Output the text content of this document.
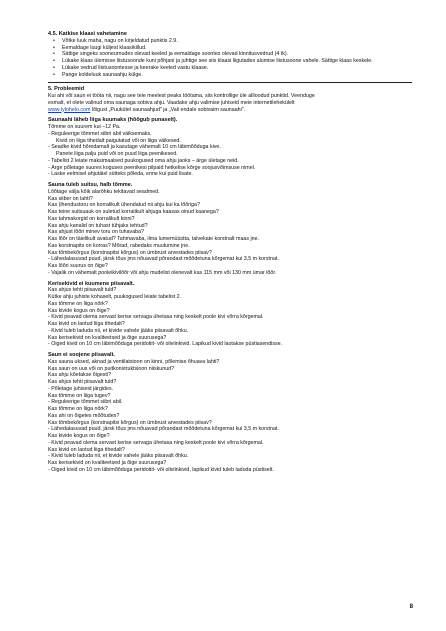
4.5. Katkise klaasi vahetamine
• Võtke luuk maha, nagu on kirjeldatud punktis 2.9.
• Eemaldage luugi küljest klaasikillud.
• Sättige singeks sooneurnudes olevad keeled ja eemaldage soontes olevad kinnitusvedrud (4 tk).
• Lükake klaas ülemisse liistusoonde kuni põhjani ja juhtige see siis klaasi liigutades alumise liistusoone vahele. Sättige klaas keskele.
• Lükake vedrud liistusoontesse ja keerake keeled vastu klaase.
• Pange koldeluuk saunaahju külge.
5. Probleemid
Kui ahi või saun ei tööta nii, nagu see teie meelest peaks töötama, siis kontrollige üle allloodud punktid. Veenduge
esmalt, et olete valinud oma saunaga sobiva ahju. Vaadake ahju valimise juhiseid meie internetilehekülelt
www.tylohelo.com lõigust „Puukütel saunaahjud" ja „Vali endale sobivaim saunaahi".
Saunaahi läheb liiga kuumaks (hõõgub punaselt).
Tõmme on suurem kui –12 Pa.
- Reguleerige tõmmet siibri abil väiksemaks.
Kivid on liiga tihedalt paigutatud või on liiga väikesed.
- Seadke kivid hõredamalt ja kasutage vähemalt 10 cm läbimõõduga kive.
Panete liiga palju puid või on puud liiga peenikesed.
- Tabelist 2 leiate maksimaalsed puukogused oma ahju jaoks – ärge ületage neid.
- Ärge põletage suures koguses peenikesi pilpaid hetkelise kõrge soojusvõimsuse nimel.
- Laske eelmisel ahjutäiel sütteks põleda, enne kui puid lisate.
Sauna tuleb suitsu, halb tõmme.
Lõõtage välja kõik alarõhku tekitavad seadmed.
Kas siiber on lahti?
Kas (ihendustoru on korralikult ühendatud nii ahju kui ka lõõriga?
Kas teine suitsuauk on suletud korralikult ahjuga kaasas oinud kaanega?
Kas tahmakorgid on korralikult kinni?
Kas ahju kanalid on tuhast tühjaks tehtud?
Kas ahjust lõõri minev toru on tuhavaba?
Kas lõõr on täielikult avatud? Tahmavaba, ilma lumemüüstta, talvekate korstnalt maas jne.
Kas korstnapits on korras? Mõrad, rabedaks muutumine jne.
Kas tõmbekõrgus (korstnapitsi kõrgus) on ümbrust arvestades piisav?
- Lähedalasuvad puud, järsk tõus jms nõuavad põrandast mõõdetuna kõrgemat kui 3,5 m korstnat.
Kas lõõri suurus on õige?
- Vajalik on vähemalt pooleikivilõõr või ahju mudelist olenevalt kas 115 mm või 130 mm ümar lõõr.
Kerisekivid ei kuumene piisavalt.
Kas ahjus tehti piisavalt tuld?
Kütke ahju juhiste kohaselt, puukogused leiate tabelist 2.
Kas tõmme on liiga nõrk?
Kas kivide kogus on õige?
- Kivid peavad olema servast kerise servaga ühetasa ning keskelt poole kivi võrra kõrgemal.
Kas kivid on laotud liiga tihedalt?
- Kivid tuleb laduda nii, et kivide vahele jääks piisavalt õhku.
Kas kerisekivid on kvaliteetsed ja õige suurusega?
- Õiged kivid on 10 cm läbimõõduga peridotiit- või oliviinkivid. Lapikud kivid laotakse püstiasendisse.
Saun ei soojene piisavalt.
Kas sauna uksed, aknad ja ventilatsioon on kinni, põlemise õhuava lahti?
Kas saun on uus või on puitkonstruktsioon niiskunud?
Kas ahju kõetakse õigesti?
Kas ahjus tehti piisavalt tuld?
- Põletage juhiseid järgides.
Kas tõmme on liiga tugev?
- Reguleerige tõmmet siibri abil.
Kas tõmme on liiga nõrk?
Kas ahi on õigetes mõõtudes?
Kas tõmbekõrgus (korstnapitsi kõrgus) on ümbrust arvestades piisav?
- Lähedalasuvad puud, järsk tõus jms nõuavad põrandast mõõdetuna kõrgemat kui 3,5 m korstnat.
Kas kivide kogus on õige?
- Kivid peavad olema servast kerise servaga ühetasa ning keskelt poole kivi võrra kõrgemal.
Kas kivid on laotud liiga tihedalt?
- Kivid tuleb laduda nii, et kivide vahele jääks piisavalt õhku.
Kas kerisekivid on kvaliteetsed ja õige suurusega?
- Õiged kivid on 10 cm läbimõõduga peridotiit- või oliviinkivid, lapikud kivid tuleb laduda püstiselt.
8
